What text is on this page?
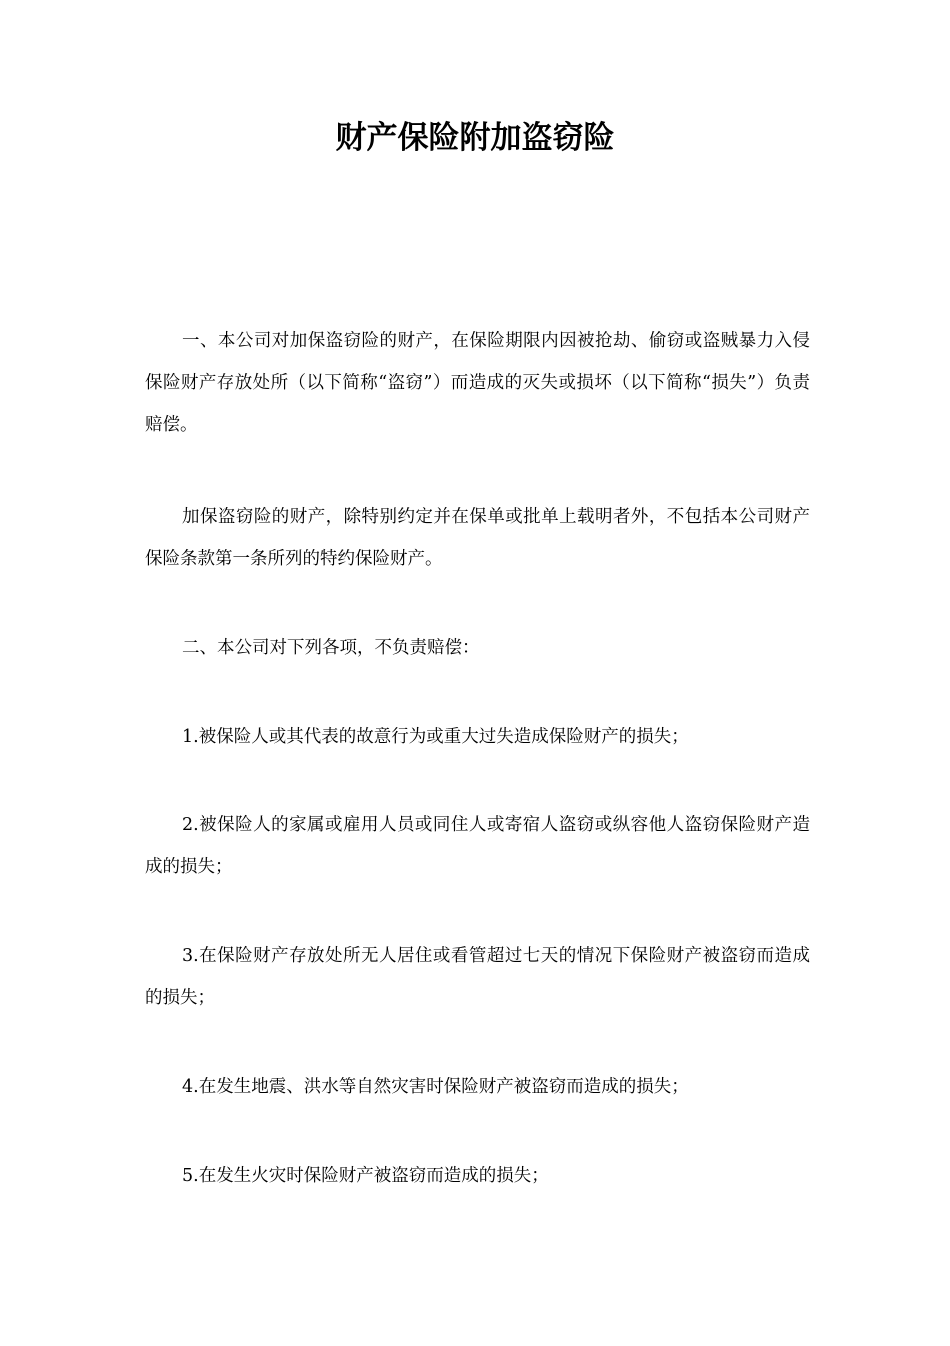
财产保险附加盗窃险

一、本公司对加保盗窃险的财产，在保险期限内因被抢劫、偷窃或盗贼暴力入侵保险财产存放处所（以下简称“盗窃”）而造成的灭失或损坏（以下简称“损失”）负责赔偿。

加保盗窃险的财产，除特别约定并在保单或批单上载明者外，不包括本公司财产保险条款第一条所列的特约保险财产。

二、本公司对下列各项，不负责赔偿：

1.被保险人或其代表的故意行为或重大过失造成保险财产的损失；

2.被保险人的家属或雇用人员或同住人或寄宿人盗窃或纵容他人盗窃保险财产造成的损失；

3.在保险财产存放处所无人居住或看管超过七天的情况下保险财产被盗窃而造成的损失；

4.在发生地震、洪水等自然灾害时保险财产被盗窃而造成的损失；

5.在发生火灾时保险财产被盗窃而造成的损失；
